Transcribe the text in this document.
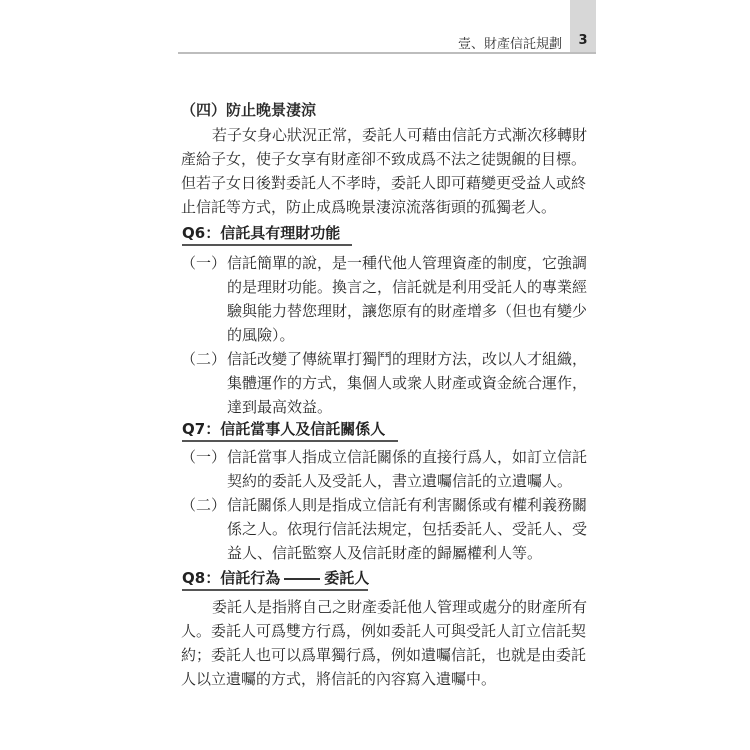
壹、財產信託規劃	3
（四）防止晚景淒涼
若子女身心狀況正常，委託人可藉由信託方式漸次移轉財
產給子女，使子女享有財產卻不致成爲不法之徒覬覦的目標。
但若子女日後對委託人不孝時，委託人即可藉變更受益人或終
止信託等方式，防止成爲晚景淒涼流落街頭的孤獨老人。
Q6：信託具有理財功能
（一） 信託簡單的說，是一種代他人管理資產的制度，它強調
的是理財功能。換言之，信託就是利用受託人的專業經
驗與能力替您理財，讓您原有的財產增多（但也有變少
的風險）。
（二） 信託改變了傳統單打獨鬥的理財方法，改以人才組織，
集體運作的方式，集個人或衆人財產或資金統合運作，
達到最高效益。
Q7：信託當事人及信託關係人
（一） 信託當事人指成立信託關係的直接行爲人，如訂立信託
契約的委託人及受託人，書立遺囑信託的立遺囑人。
（二） 信託關係人則是指成立信託有利害關係或有權利義務關
係之人。依現行信託法規定，包括委託人、受託人、受
益人、信託監察人及信託財產的歸屬權利人等。
Q8：信託行為	委託人
委託人是指將自己之財產委託他人管理或處分的財產所有
人。委託人可爲雙方行爲，例如委託人可與受託人訂立信託契
約；委託人也可以爲單獨行爲，例如遺囑信託，也就是由委託
人以立遺囑的方式，將信託的內容寫入遺囑中。
